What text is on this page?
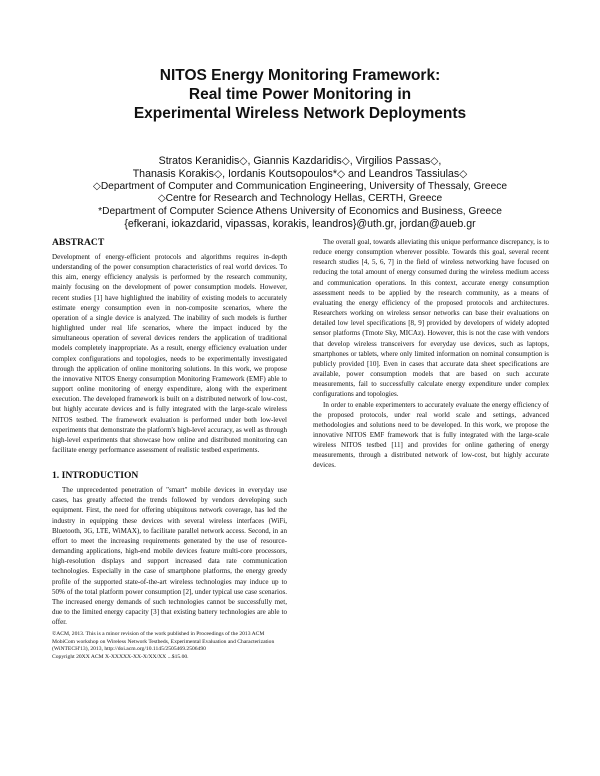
NITOS Energy Monitoring Framework:
Real time Power Monitoring in
Experimental Wireless Network Deployments
Stratos Keranidis◇, Giannis Kazdaridis◇, Virgilios Passas◇,
Thanasis Korakis◇, Iordanis Koutsopoulos*◇ and Leandros Tassiulas◇
◇Department of Computer and Communication Engineering, University of Thessaly, Greece
◇Centre for Research and Technology Hellas, CERTH, Greece
*Department of Computer Science Athens University of Economics and Business, Greece
{efkerani, iokazdarid, vipassas, korakis, leandros}@uth.gr, jordan@aueb.gr
ABSTRACT

Development of energy-efficient protocols and algorithms requires in-depth understanding of the power consumption characteristics of real world devices. To this aim, energy efficiency analysis is performed by the research community, mainly focusing on the development of power consumption models. However, recent studies [1] have highlighted the inability of existing models to accurately estimate energy consumption even in non-composite scenarios, where the operation of a single device is analyzed. The inability of such models is further highlighted under real life scenarios, where the impact induced by the simultaneous operation of several devices renders the application of traditional models completely inappropriate. As a result, energy efficiency evaluation under complex configurations and topologies, needs to be experimentally investigated through the application of online monitoring solutions. In this work, we propose the innovative NITOS Energy consumption Monitoring Framework (EMF) able to support online monitoring of energy expenditure, along with the experiment execution. The developed framework is built on a distributed network of low-cost, but highly accurate devices and is fully integrated with the large-scale wireless NITOS testbed. The framework evaluation is performed under both low-level experiments that demonstrate the platform's high-level accuracy, as well as through high-level experiments that showcase how online and distributed monitoring can facilitate energy performance assessment of realistic testbed experiments.

1. INTRODUCTION

The unprecedented penetration of "smart" mobile devices in everyday use cases, has greatly affected the trends followed by vendors developing such equipment. First, the need for offering ubiquitous network coverage, has led the industry in equipping these devices with several wireless interfaces (WiFi, Bluetooth, 3G, LTE, WiMAX), to facilitate parallel network access. Second, in an effort to meet the increasing requirements generated by the use of resource-demanding applications, high-end mobile devices feature multi-core processors, high-resolution displays and support increased data rate communication technologies. Especially in the case of smartphone platforms, the energy greedy profile of the supported state-of-the-art wireless technologies may induce up to 50% of the total platform power consumption [2], under typical use case scenarios. The increased energy demands of such technologies cannot be successfully met, due to the limited energy capacity [3] that existing battery technologies are able to offer.

The overall goal, towards alleviating this unique performance discrepancy, is to reduce energy consumption wherever possible. Towards this goal, several recent research studies [4, 5, 6, 7] in the field of wireless networking have focused on reducing the total amount of energy consumed during the wireless medium access and communication operations. In this context, accurate energy consumption assessment needs to be applied by the research community, as a means of evaluating the energy efficiency of the proposed protocols and architectures. Researchers working on wireless sensor networks can base their evaluations on detailed low level specifications [8, 9] provided by developers of widely adopted sensor platforms (Tmote Sky, MICAz). However, this is not the case with vendors that develop wireless transceivers for everyday use devices, such as laptops, smartphones or tablets, where only limited information on nominal consumption is publicly provided [10]. Even in cases that accurate data sheet specifications are available, power consumption models that are based on such accurate measurements, fail to successfully calculate energy expenditure under complex configurations and topologies.

In order to enable experimenters to accurately evaluate the energy efficiency of the proposed protocols, under real world scale and settings, advanced methodologies and solutions need to be developed. In this work, we propose the innovative NITOS EMF framework that is fully integrated with the large-scale wireless NITOS testbed [11] and provides for online gathering of energy measurements, through a distributed network of low-cost, but highly accurate devices.

©ACM, 2013. This is a minor revision of the work published in Proceedings of the 2013 ACM MobiCom workshop on Wireless Network Testbeds, Experimental Evaluation and Characterization (WiNTECH'13), 2013, http://doi.acm.org/10.1145/2505469.2506490

Copyright 20XX ACM X-XXXXX-XX-X/XX/XX ...$15.00.
